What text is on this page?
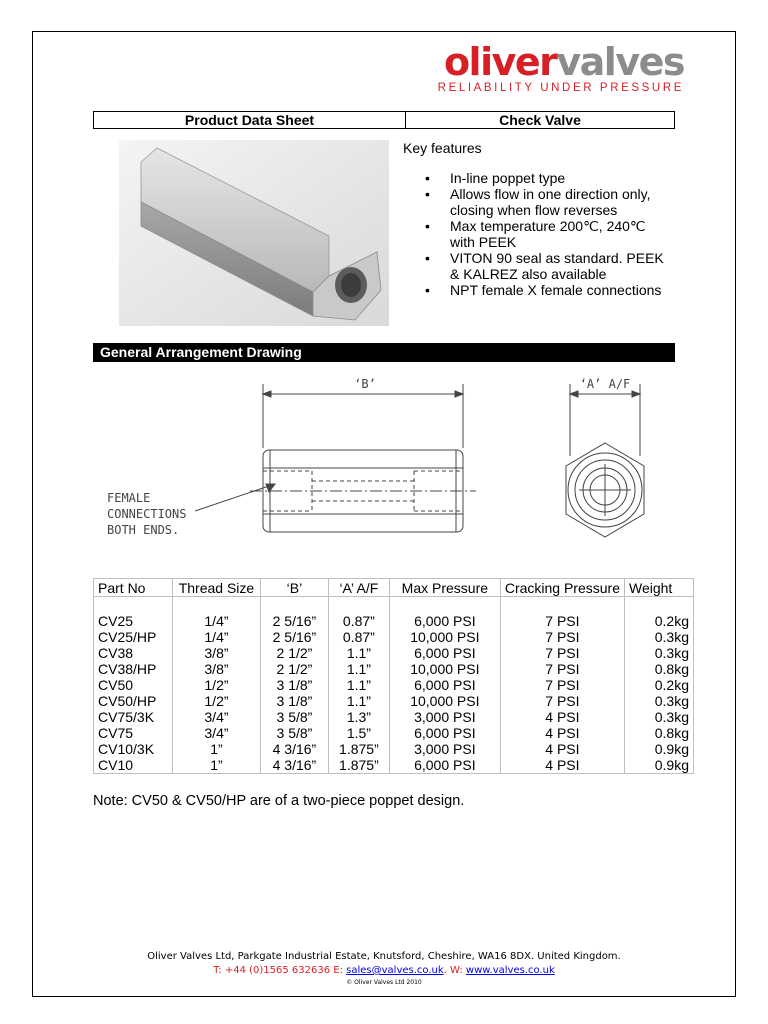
olivervalves
RELIABILITY UNDER PRESSURE
Product Data Sheet	Check Valve
Key features
• In-line poppet type
• Allows flow in one direction only,
closing when flow reverses
• Max temperature 200℃, 240℃
with PEEK
• VITON 90 seal as standard. PEEK
& KALREZ also available
• NPT female X female connections
General Arrangement Drawing
‘B’	‘A’ A/F
FEMALE
CONNECTIONS
BOTH ENDS.
Part No	Thread Size	‘B’	‘A’ A/F	Max Pressure	Cracking Pressure	Weight

CV25	1/4”	2 5/16”	0.87”	6,000 PSI	7 PSI	0.2kg
CV25/HP	1/4”	2 5/16”	0.87”	10,000 PSI	7 PSI	0.3kg
CV38	3/8”	2 1/2”	1.1”	6,000 PSI	7 PSI	0.3kg
CV38/HP	3/8”	2 1/2”	1.1”	10,000 PSI	7 PSI	0.8kg
CV50	1/2”	3 1/8”	1.1”	6,000 PSI	7 PSI	0.2kg
CV50/HP	1/2”	3 1/8”	1.1”	10,000 PSI	7 PSI	0.3kg
CV75/3K	3/4”	3 5/8”	1.3”	3,000 PSI	4 PSI	0.3kg
CV75	3/4”	3 5/8”	1.5”	6,000 PSI	4 PSI	0.8kg
CV10/3K	1”	4 3/16”	1.875”	3,000 PSI	4 PSI	0.9kg
CV10	1”	4 3/16”	1.875”	6,000 PSI	4 PSI	0.9kg
Note: CV50 & CV50/HP are of a two-piece poppet design.
Oliver Valves Ltd, Parkgate Industrial Estate, Knutsford, Cheshire, WA16 8DX. United Kingdom.
T: +44 (0)1565 632636 E: sales@valves.co.uk. W: www.valves.co.uk
© Oliver Valves Ltd 2010
